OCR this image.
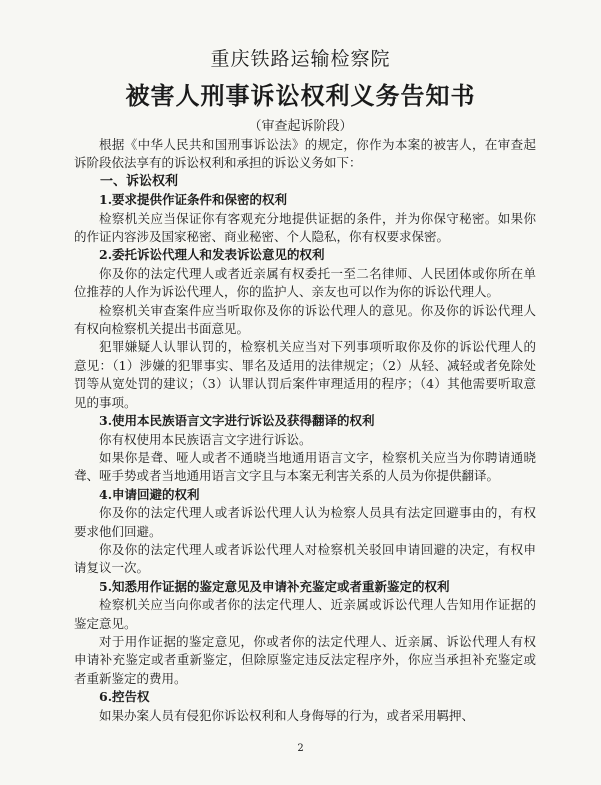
重庆铁路运输检察院
被害人刑事诉讼权利义务告知书
（审查起诉阶段）

根据《中华人民共和国刑事诉讼法》的规定，你作为本案的被害人，在审查起诉阶段依法享有的诉讼权利和承担的诉讼义务如下：

一、诉讼权利

1.要求提供作证条件和保密的权利

检察机关应当保证你有客观充分地提供证据的条件，并为你保守秘密。如果你的作证内容涉及国家秘密、商业秘密、个人隐私，你有权要求保密。

2.委托诉讼代理人和发表诉讼意见的权利

你及你的法定代理人或者近亲属有权委托一至二名律师、人民团体或你所在单位推荐的人作为诉讼代理人，你的监护人、亲友也可以作为你的诉讼代理人。

检察机关审查案件应当听取你及你的诉讼代理人的意见。你及你的诉讼代理人有权向检察机关提出书面意见。

犯罪嫌疑人认罪认罚的，检察机关应当对下列事项听取你及你的诉讼代理人的意见：（1）涉嫌的犯罪事实、罪名及适用的法律规定；（2）从轻、减轻或者免除处罚等从宽处罚的建议；（3）认罪认罚后案件审理适用的程序；（4）其他需要听取意见的事项。

3.使用本民族语言文字进行诉讼及获得翻译的权利

你有权使用本民族语言文字进行诉讼。

如果你是聋、哑人或者不通晓当地通用语言文字，检察机关应当为你聘请通晓聋、哑手势或者当地通用语言文字且与本案无利害关系的人员为你提供翻译。

4.申请回避的权利

你及你的法定代理人或者诉讼代理人认为检察人员具有法定回避事由的，有权要求他们回避。

你及你的法定代理人或者诉讼代理人对检察机关驳回申请回避的决定，有权申请复议一次。

5.知悉用作证据的鉴定意见及申请补充鉴定或者重新鉴定的权利

检察机关应当向你或者你的法定代理人、近亲属或诉讼代理人告知用作证据的鉴定意见。

对于用作证据的鉴定意见，你或者你的法定代理人、近亲属、诉讼代理人有权申请补充鉴定或者重新鉴定，但除原鉴定违反法定程序外，你应当承担补充鉴定或者重新鉴定的费用。

6.控告权

如果办案人员有侵犯你诉讼权利和人身侮辱的行为，或者采用羁押、

2
